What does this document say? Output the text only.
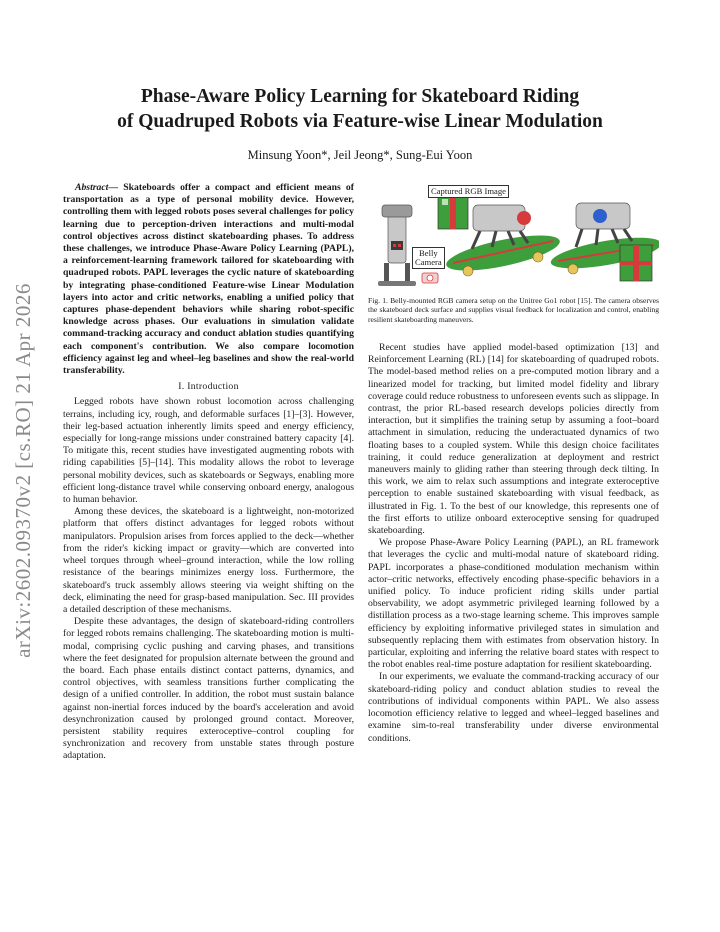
arXiv:2602.09370v2 [cs.RO] 21 Apr 2026
Phase-Aware Policy Learning for Skateboard Riding
of Quadruped Robots via Feature-wise Linear Modulation
Minsung Yoon*, Jeil Jeong*, Sung-Eui Yoon

Abstract— Skateboards offer a compact and efficient means of transportation as a type of personal mobility device. However, controlling them with legged robots poses several challenges for policy learning due to perception-driven interactions and multi-modal control objectives across distinct skateboarding phases. To address these challenges, we introduce Phase-Aware Policy Learning (PAPL), a reinforcement-learning framework tailored for skateboarding with quadruped robots. PAPL leverages the cyclic nature of skateboarding by integrating phase-conditioned Feature-wise Linear Modulation layers into actor and critic networks, enabling a unified policy that captures phase-dependent behaviors while sharing robot-specific knowledge across phases. Our evaluations in simulation validate command-tracking accuracy and conduct ablation studies quantifying each component's contribution. We also compare locomotion efficiency against leg and wheel–leg baselines and show the real-world transferability.

I. Introduction

Legged robots have shown robust locomotion across challenging terrains, including icy, rough, and deformable surfaces [1]–[3]. However, their leg-based actuation inherently limits speed and energy efficiency, especially for long-range missions under constrained battery capacity [4]. To mitigate this, recent studies have investigated augmenting robots with riding capabilities [5]–[14]. This modality allows the robot to leverage personal mobility devices, such as skateboards or Segways, enabling more efficient long-distance travel while conserving onboard energy, analogous to human behavior.

Among these devices, the skateboard is a lightweight, non-motorized platform that offers distinct advantages for legged robots without manipulators. Propulsion arises from forces applied to the deck—whether from the rider's kicking impact or gravity—which are converted into wheel torques through wheel–ground interaction, while the low rolling resistance of the bearings minimizes energy loss. Furthermore, the skateboard's truck assembly allows steering via weight shifting on the deck, eliminating the need for grasp-based manipulation. Sec. III provides a detailed description of these mechanisms.

Despite these advantages, the design of skateboard-riding controllers for legged robots remains challenging. The skateboarding motion is multi-modal, comprising cyclic pushing and carving phases, and transitions where the feet designated for propulsion alternate between the ground and the board. Each phase entails distinct contact patterns, dynamics, and control objectives, with seamless transitions further complicating the design of a unified controller. In addition, the robot must sustain balance against non-inertial forces induced by the board's acceleration and avoid desynchronization caused by prolonged ground contact. Moreover, persistent stability requires exteroceptive–control coupling for synchronization and recovery from unstable states through posture adaptation.

Captured RGB Image
Belly
Camera
Fig. 1. Belly-mounted RGB camera setup on the Unitree Go1 robot [15]. The camera observes the skateboard deck surface and supplies visual feedback for localization and control, enabling resilient skateboarding maneuvers.

Recent studies have applied model-based optimization [13] and Reinforcement Learning (RL) [14] for skateboarding of quadruped robots. The model-based method relies on a pre-computed motion library and a linearized model for tracking, but limited model fidelity and library coverage could reduce robustness to unforeseen events such as slippage. In contrast, the prior RL-based research develops policies directly from interaction, but it simplifies the training setup by assuming a foot–board attachment in simulation, reducing the underactuated dynamics of two floating bases to a coupled system. While this design choice facilitates training, it could reduce generalization at deployment and restrict maneuvers mainly to gliding rather than steering through deck tilting. In this work, we aim to relax such assumptions and integrate exteroceptive perception to enable sustained skateboarding with visual feedback, as illustrated in Fig. 1. To the best of our knowledge, this represents one of the first efforts to utilize onboard exteroceptive sensing for quadruped skateboarding.

We propose Phase-Aware Policy Learning (PAPL), an RL framework that leverages the cyclic and multi-modal nature of skateboard riding. PAPL incorporates a phase-conditioned modulation mechanism within actor–critic networks, effectively encoding phase-specific behaviors in a unified policy. To induce proficient riding skills under partial observability, we adopt asymmetric privileged learning followed by a distillation process as a two-stage learning scheme. This improves sample efficiency by exploiting informative privileged states in simulation and subsequently replacing them with estimates from observation history. In particular, exploiting and inferring the relative board states with respect to the robot enables real-time posture adaptation for resilient skateboarding.

In our experiments, we evaluate the command-tracking accuracy of our skateboard-riding policy and conduct ablation studies to reveal the contributions of individual components within PAPL. We also assess locomotion efficiency relative to legged and wheel–legged baselines and examine sim-to-real transferability under diverse environmental conditions.
